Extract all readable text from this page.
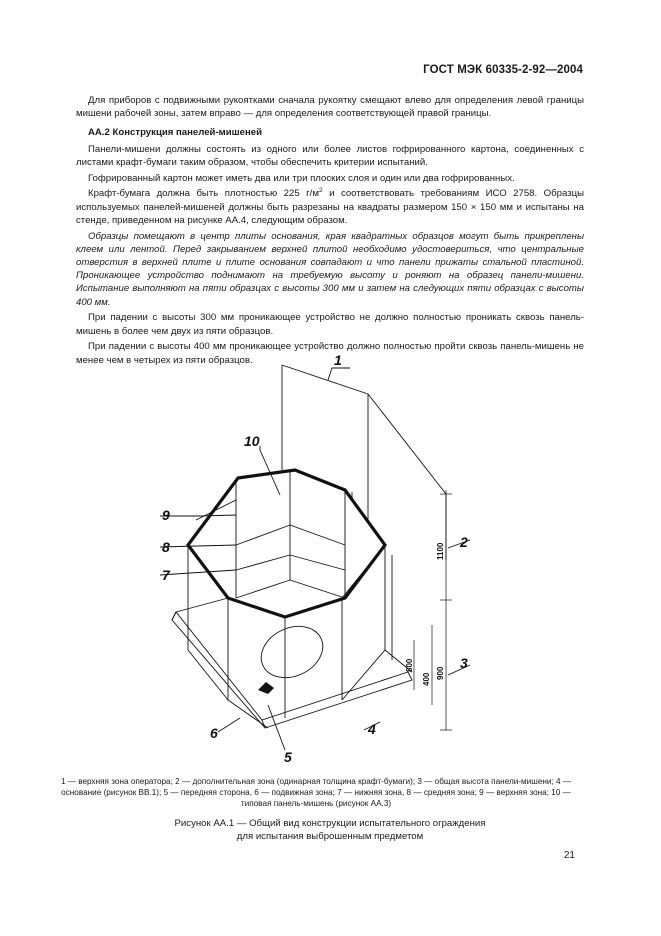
ГОСТ МЭК 60335-2-92—2004

Для приборов с подвижными рукоятками сначала рукоятку смещают влево для определения левой границы мишени рабочей зоны, затем вправо — для определения соответствующей правой границы.

АА.2 Конструкция панелей-мишеней

Панели-мишени должны состоять из одного или более листов гофрированного картона, соединенных с листами крафт-бумаги таким образом, чтобы обеспечить критерии испытаний.

Гофрированный картон может иметь два или три плоских слоя и один или два гофрированных.

Крафт-бумага должна быть плотностью 225 $г/м^2$ и соответствовать требованиям ИСО 2758. Образцы используемых панелей-мишеней должны быть разрезаны на квадраты размером 150 × 150 мм и испытаны на стенде, приведенном на рисунке АА.4, следующим образом.

Образцы помещают в центр плиты основания, края квадратных образцов могут быть прикреплены клеем или лентой. Перед закрыванием верхней плитой необходимо удостовериться, что центральные отверстия в верхней плите и плите основания совпадают и что панели прижаты стальной пластиной. Проникающее устройство поднимают на требуемую высоту и роняют на образец панели-мишени. Испытание выполняют на пяти образцах с высоты 300 мм и затем на следующих пяти образцах с высоты 400 мм.

При падении с высоты 300 мм проникающее устройство не должно полностью проникать сквозь панель-мишень в более чем двух из пяти образцов.

При падении с высоты 400 мм проникающее устройство должно полностью пройти сквозь панель-мишень не менее чем в четырех из пяти образцов.	1
2
3
4
5
6
7
8
9
10
1100
900
800
400
1 — верхняя зона оператора; 2 — дополнительная зона (одинарная толщина крафт-бумаги); 3 — общая высота панели-мишени; 4 — основание (рисунок ВВ.1); 5 — передняя сторона, 6 — подвижная зона; 7 — нижняя зона, 8 — средняя зона; 9 — верхняя зона; 10 — типовая панель-мишень (рисунок АА.3)
Рисунок АА.1 — Общий вид конструкции испытательного ограждения
для испытания выброшенным предметом
21
